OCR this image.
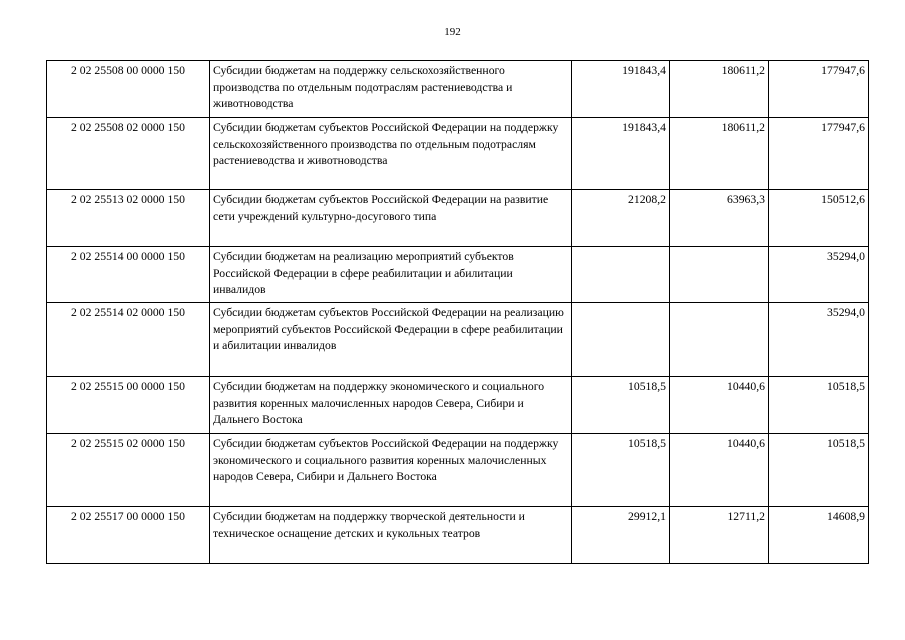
192
2 02 25508 00 0000 150	Субсидии бюджетам на поддержку сельскохозяйственного производства по отдельным подотраслям растениеводства и животноводства	191843,4	180611,2	177947,6
2 02 25508 02 0000 150	Субсидии бюджетам субъектов Российской Федерации на поддержку сельскохозяйственного производства по отдельным подотраслям растениеводства и животноводства	191843,4	180611,2	177947,6
2 02 25513 02 0000 150	Субсидии бюджетам субъектов Российской Федерации на развитие сети учреждений культурно-досугового типа	21208,2	63963,3	150512,6
2 02 25514 00 0000 150	Субсидии бюджетам на реализацию мероприятий субъектов Российской Федерации в сфере реабилитации и абилитации инвалидов			35294,0
2 02 25514 02 0000 150	Субсидии бюджетам субъектов Российской Федерации на реализацию мероприятий субъектов Российской Федерации в сфере реабилитации и абилитации инвалидов			35294,0
2 02 25515 00 0000 150	Субсидии бюджетам на поддержку экономического и социального развития коренных малочисленных народов Севера, Сибири и Дальнего Востока	10518,5	10440,6	10518,5
2 02 25515 02 0000 150	Субсидии бюджетам субъектов Российской Федерации на поддержку экономического и социального развития коренных малочисленных народов Севера, Сибири и Дальнего Востока	10518,5	10440,6	10518,5
2 02 25517 00 0000 150	Субсидии бюджетам на поддержку творческой деятельности и техническое оснащение детских и кукольных театров	29912,1	12711,2	14608,9
